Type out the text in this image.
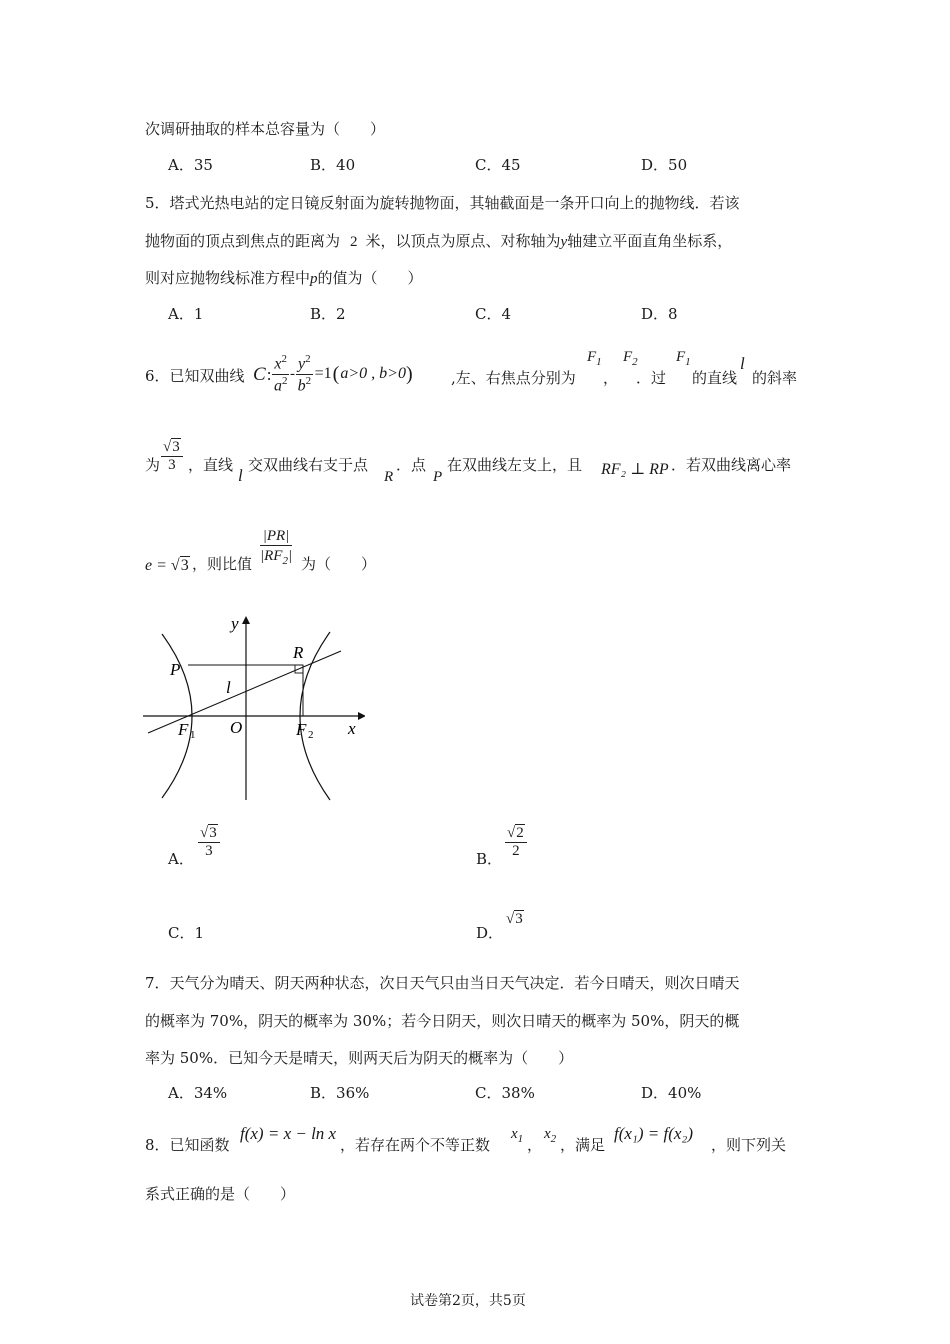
次调研抽取的样本总容量为（　　）
A．35	B．40	C．45	D．50
5．塔式光热电站的定日镜反射面为旋转抛物面，其轴截面是一条开口向上的抛物线．若该
抛物面的顶点到焦点的距离为 2 米，以顶点为原点、对称轴为y轴建立平面直角坐标系，
则对应抛物线标准方程中p的值为（　　）
A．1	B．2	C．4	D．8
6．已知双曲线 C : $\frac{x^2}{a^2} - \frac{y^2}{b^2} =1$ ( a>0 , b>0 )	,左、右焦点分别为
$F_1$
，
$F_2$
．过
$F_1$
的直线
l
的斜率
为 $\frac{√3}{3}$ ，直线
l
交双曲线右支于点
R
．点
P
在双曲线左支上，且 RF₂ ⊥ RP ．若双曲线离心率
e = √3 ，则比值 $\frac{|PR|}{|RF_2|}$ 为（　　）
y
x
P
R
l
O
F 1	F 2
A． $\frac{√3}{3}$	B． $\frac{√2}{2}$
C．1	D．
√3
7．天气分为晴天、阴天两种状态，次日天气只由当日天气决定．若今日晴天，则次日晴天
的概率为 70%，阴天的概率为 30%；若今日阴天，则次日晴天的概率为 50%，阴天的概
率为 50%．已知今天是晴天，则两天后为阴天的概率为（　　）
A．34%	B．36%	C．38%	D．40%
8．已知函数
f(x) = x − ln x
，若存在两个不等正数
$x_1$ ，
$x_2$ ，满足
f(x₁) = f(x₂)
，则下列关
系式正确的是（　　）
试卷第2页，共5页
